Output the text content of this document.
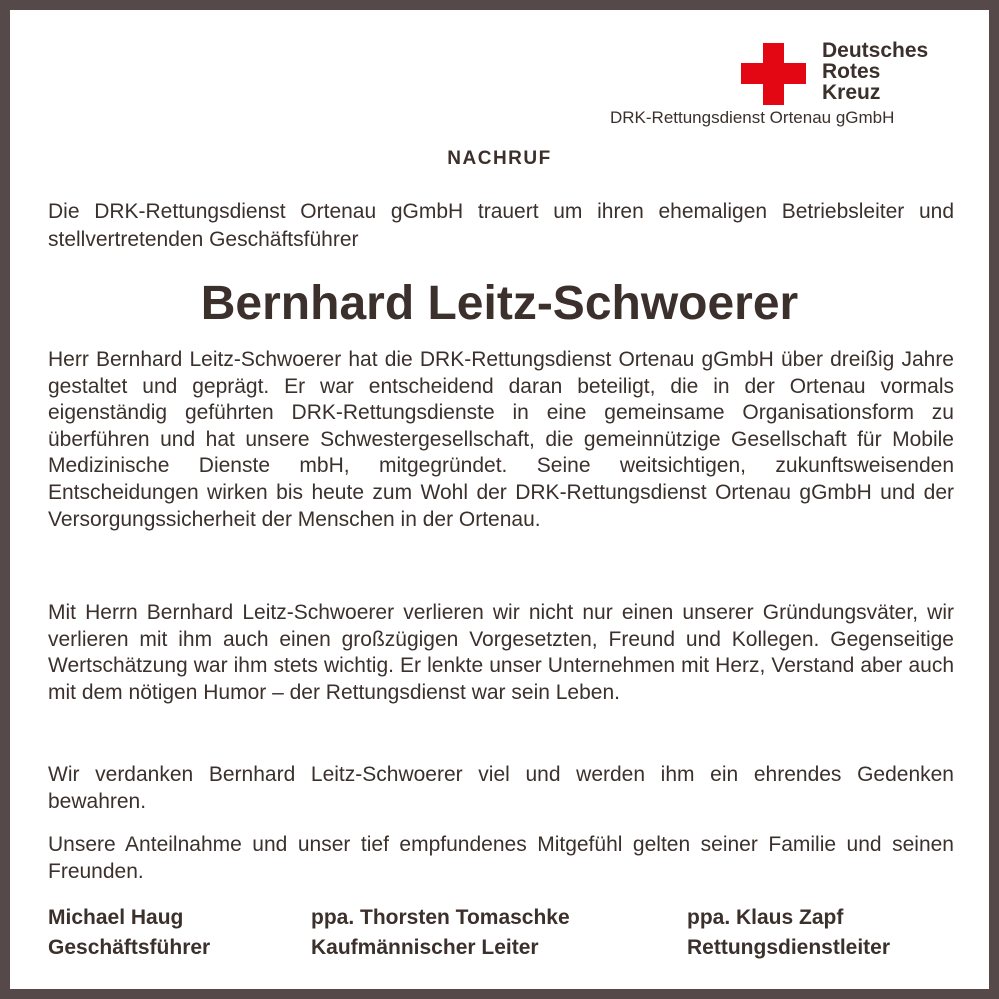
Deutsches
Rotes
Kreuz
DRK-Rettungsdienst Ortenau gGmbH
NACHRUF
Die DRK-Rettungsdienst Ortenau gGmbH trauert um ihren ehemaligen Betriebsleiter und stellvertretenden Geschäftsführer
Bernhard Leitz-Schwoerer
Herr Bernhard Leitz-Schwoerer hat die DRK-Rettungsdienst Ortenau gGmbH über dreißig Jahre gestaltet und geprägt. Er war entscheidend daran beteiligt, die in der Ortenau vormals eigenständig geführten DRK-Rettungsdienste in eine gemeinsame Organisationsform zu überführen und hat unsere Schwestergesellschaft, die gemeinnützige Gesellschaft für Mobile Medizinische Dienste mbH, mitgegründet. Seine weitsichtigen, zukunftsweisenden Entscheidungen wirken bis heute zum Wohl der DRK-Rettungsdienst Ortenau gGmbH und der Versorgungssicherheit der Menschen in der Ortenau.
Mit Herrn Bernhard Leitz-Schwoerer verlieren wir nicht nur einen unserer Gründungsväter, wir verlieren mit ihm auch einen großzügigen Vorgesetzten, Freund und Kollegen. Gegenseitige Wertschätzung war ihm stets wichtig. Er lenkte unser Unternehmen mit Herz, Verstand aber auch mit dem nötigen Humor – der Rettungsdienst war sein Leben.
Wir verdanken Bernhard Leitz-Schwoerer viel und werden ihm ein ehrendes Gedenken bewahren.
Unsere Anteilnahme und unser tief empfundenes Mitgefühl gelten seiner Familie und seinen Freunden.
Michael Haug
Geschäftsführer
ppa. Thorsten Tomaschke
Kaufmännischer Leiter
ppa. Klaus Zapf
Rettungsdienstleiter
